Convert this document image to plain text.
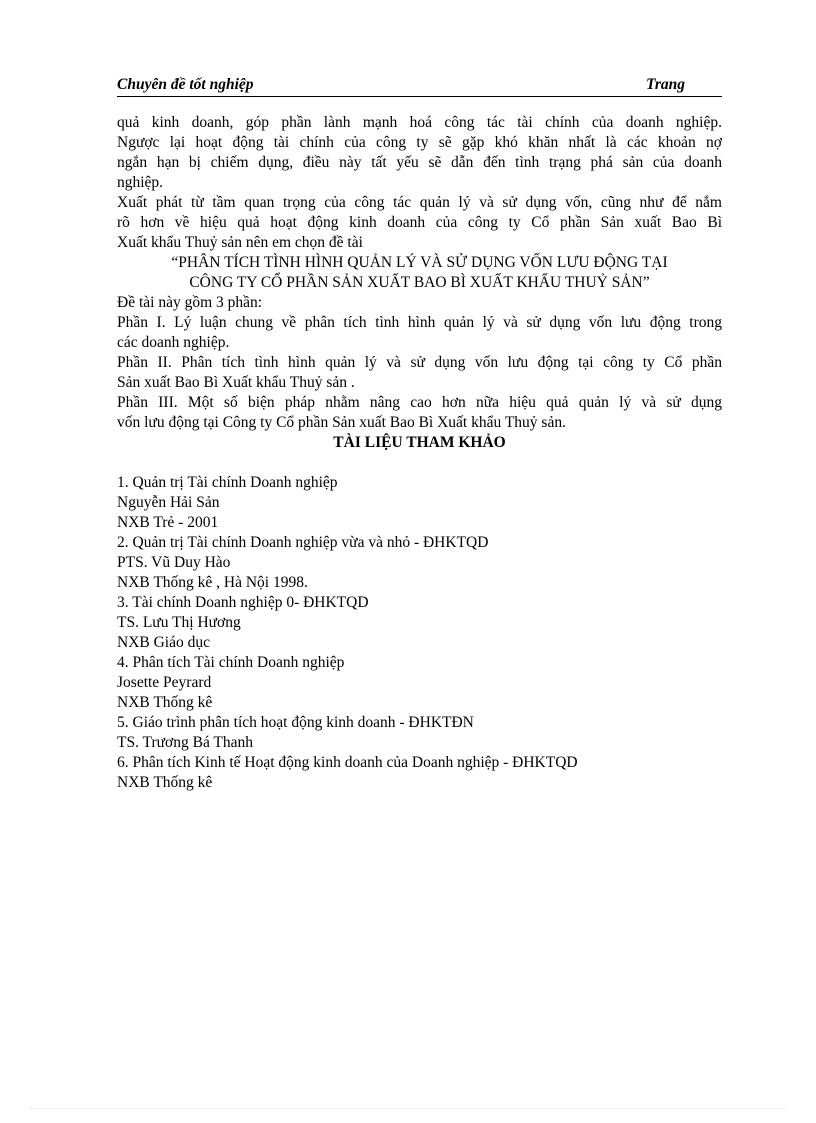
Chuyên đề tốt nghiệp	Trang

quả kinh doanh, góp phần lành mạnh hoá công tác tài chính của doanh nghiệp.

Ngược lại hoạt động tài chính của công ty sẽ gặp khó khăn nhất là các khoản nợ

ngắn hạn bị chiếm dụng, điều này tất yếu sẽ dẫn đến tình trạng phá sản của doanh

nghiệp.

Xuất phát từ tầm quan trọng của công tác quản lý và sử dụng vốn, cũng như để nắm

rõ hơn về hiệu quả hoạt động kinh doanh của công ty Cổ phần Sản xuất Bao Bì

Xuất khẩu Thuỷ sản nên em chọn đề tài

“PHÂN TÍCH TÌNH HÌNH QUẢN LÝ VÀ SỬ DỤNG VỐN LƯU ĐỘNG TẠI

CÔNG TY CỔ PHẦN SẢN XUẤT BAO BÌ XUẤT KHẨU THUỶ SẢN”

Đề tài này gồm 3 phần:

Phần I. Lý luận chung về phân tích tình hình quản lý và sử dụng vốn lưu động trong

các doanh nghiệp.

Phần II. Phân tích tình hình quản lý và sử dụng vốn lưu động tại công ty Cổ phần

Sản xuất Bao Bì Xuất khẩu Thuỷ sản .

Phần III. Một số biện pháp nhằm nâng cao hơn nữa hiệu quả quản lý và sử dụng

vốn lưu động tại Công ty Cổ phần Sản xuất Bao Bì Xuất khẩu Thuỷ sản.

TÀI LIỆU THAM KHẢO

1. Quản trị Tài chính Doanh nghiệp

Nguyễn Hải Sản

NXB Trẻ - 2001

2. Quản trị Tài chính Doanh nghiệp vừa và nhỏ - ĐHKTQD

PTS. Vũ Duy Hào

NXB Thống kê , Hà Nội 1998.

3. Tài chính Doanh nghiệp 0- ĐHKTQD

TS. Lưu Thị Hương

NXB Giáo dục

4. Phân tích Tài chính Doanh nghiệp

Josette Peyrard

NXB Thống kê

5. Giáo trình phân tích hoạt động kinh doanh - ĐHKTĐN

TS. Trương Bá Thanh

6. Phân tích Kinh tế Hoạt động kinh doanh của Doanh nghiệp - ĐHKTQD

NXB Thống kê
